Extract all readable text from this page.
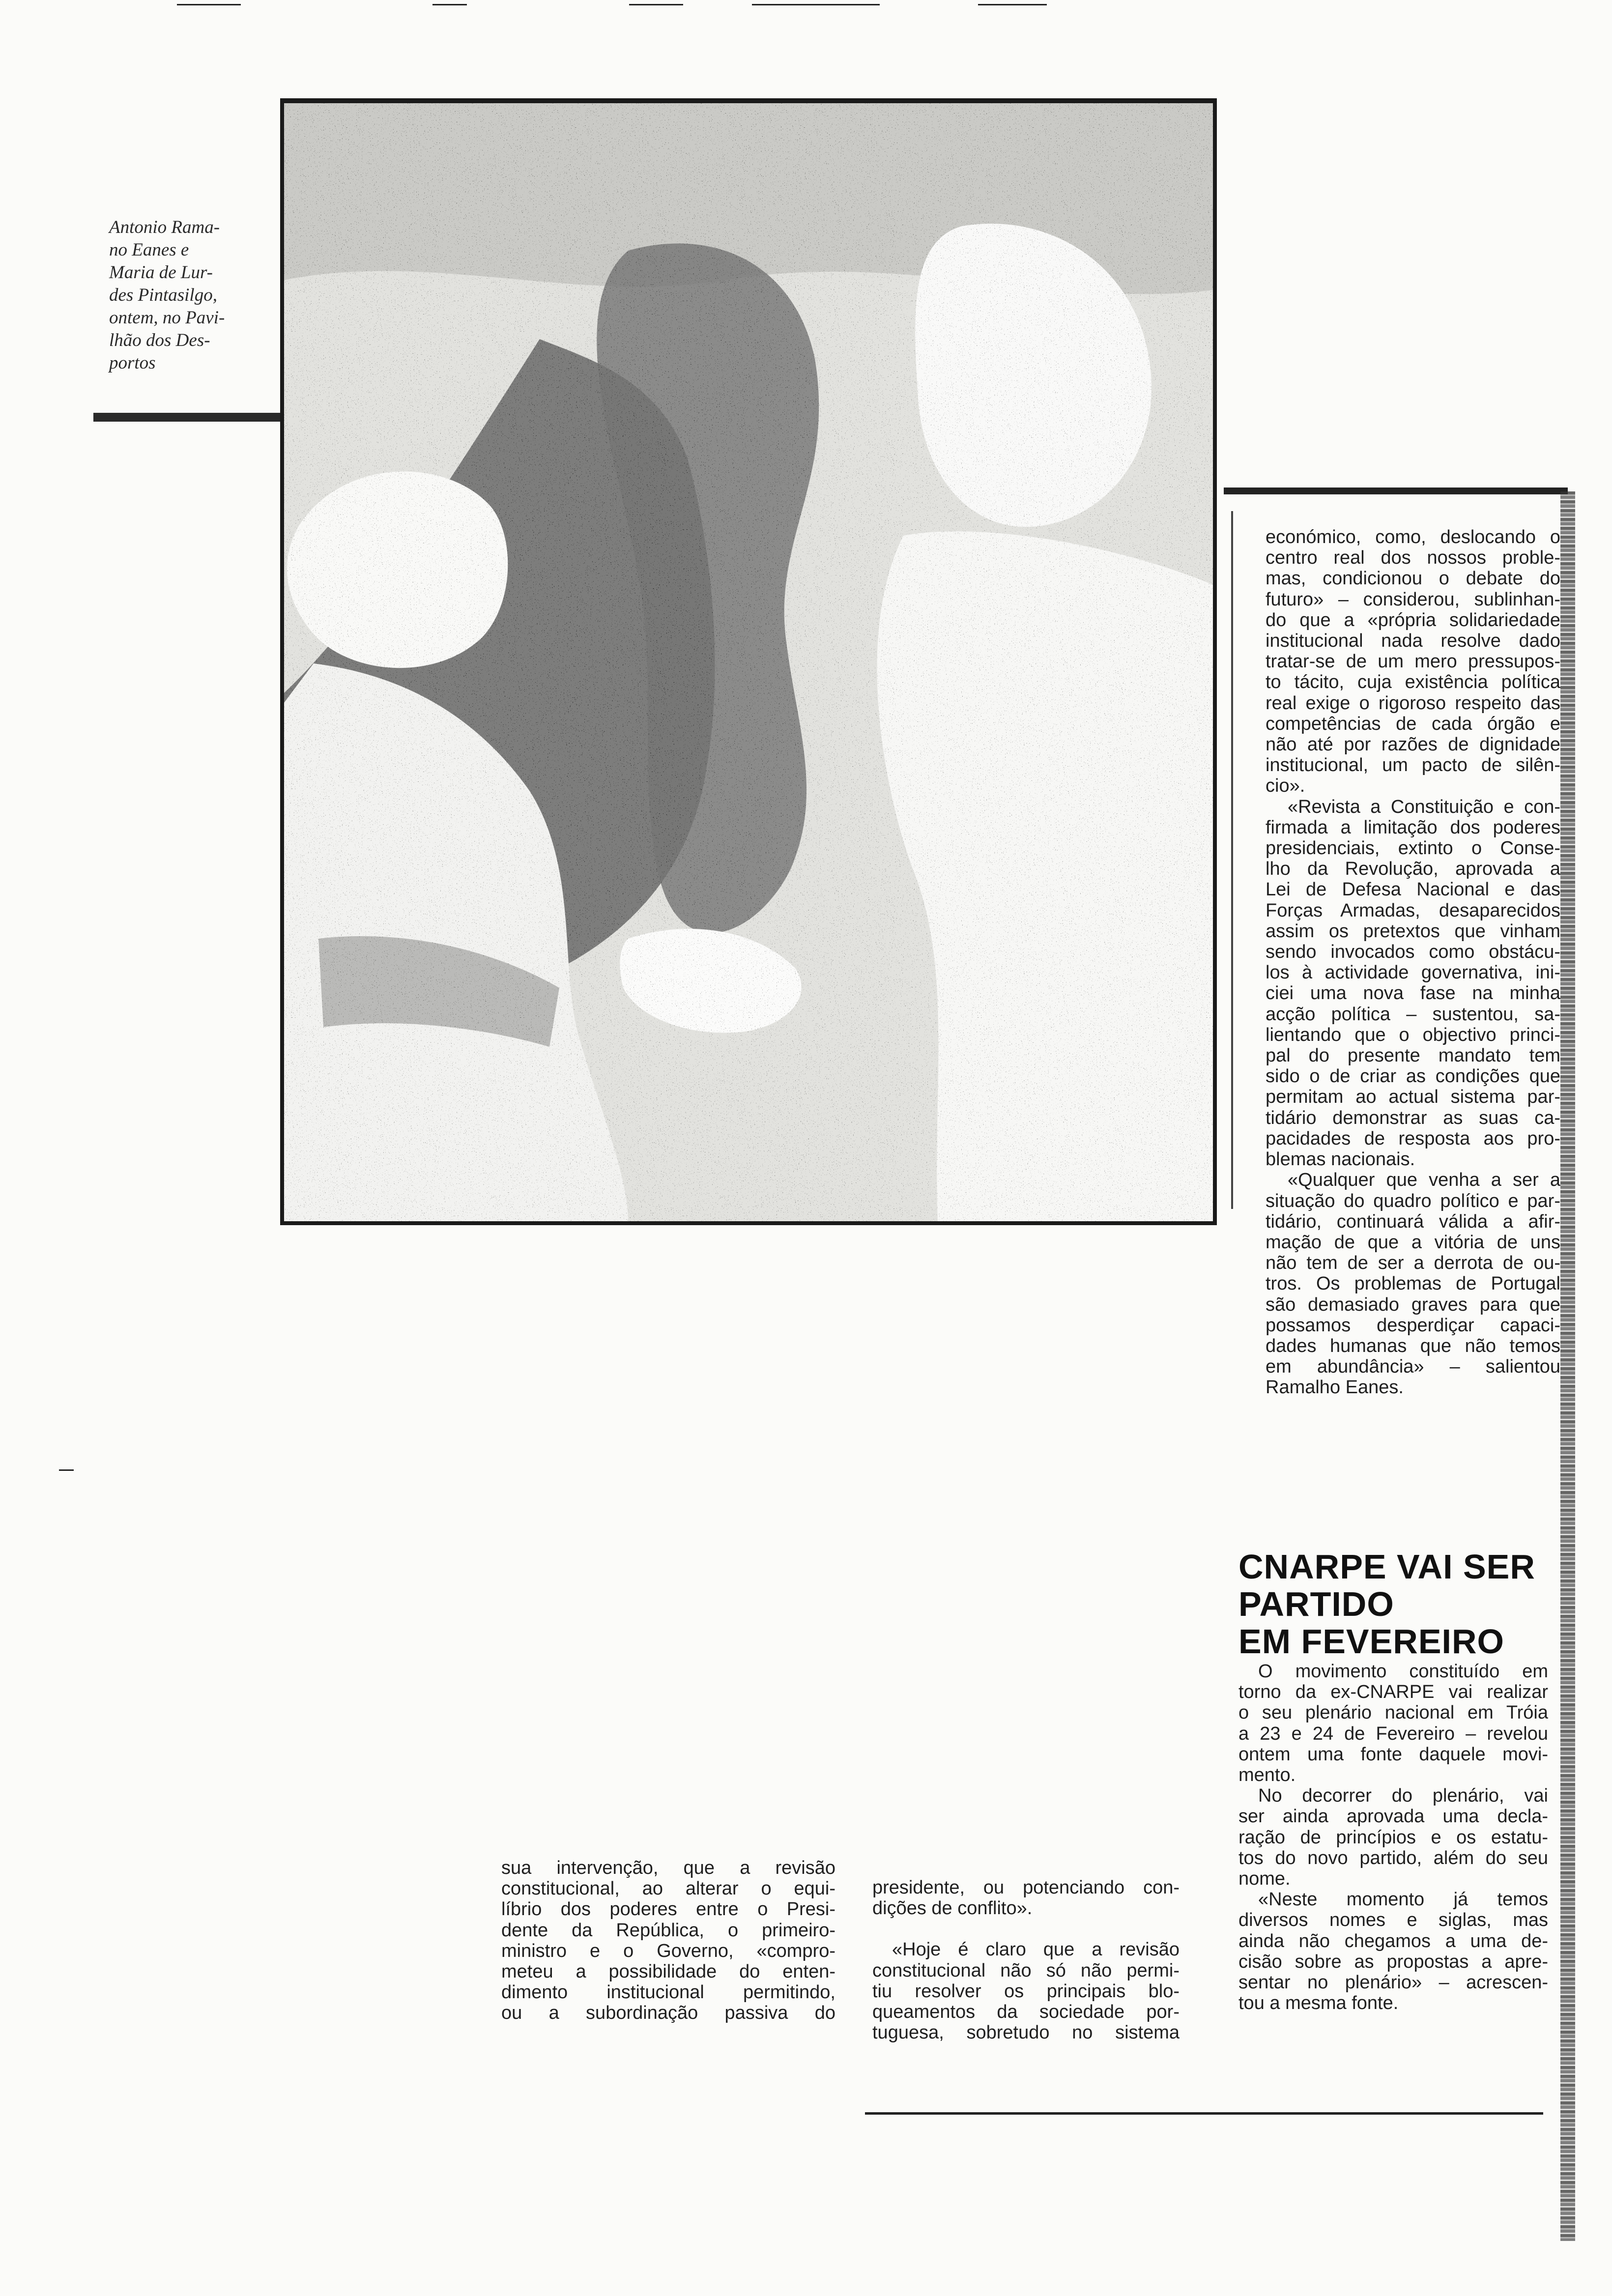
Antonio Rama-
no Eanes e
Maria de Lur-
des Pintasilgo,
ontem, no Pavi-
lhão dos Des-
portos
económico, como, deslocando o
centro real dos nossos proble-
mas, condicionou o debate do
futuro» – considerou, sublinhan-
do que a «própria solidariedade
institucional nada resolve dado
tratar-se de um mero pressupos-
to tácito, cuja existência política
real exige o rigoroso respeito das
competências de cada órgão e
não até por razões de dignidade
institucional, um pacto de silên-
cio».
«Revista a Constituição e con-
firmada a limitação dos poderes
presidenciais, extinto o Conse-
lho da Revolução, aprovada a
Lei de Defesa Nacional e das
Forças Armadas, desaparecidos
assim os pretextos que vinham
sendo invocados como obstácu-
los à actividade governativa, ini-
ciei uma nova fase na minha
acção política – sustentou, sa-
lientando que o objectivo princi-
pal do presente mandato tem
sido o de criar as condições que
permitam ao actual sistema par-
tidário demonstrar as suas ca-
pacidades de resposta aos pro-
blemas nacionais.
«Qualquer que venha a ser a
situação do quadro político e par-
tidário, continuará válida a afir-
mação de que a vitória de uns
não tem de ser a derrota de ou-
tros. Os problemas de Portugal
são demasiado graves para que
possamos desperdiçar capaci-
dades humanas que não temos
em abundância» – salientou
Ramalho Eanes.
CNARPE VAI SER
PARTIDO
EM FEVEREIRO
O movimento constituído em
torno da ex-CNARPE vai realizar
o seu plenário nacional em Tróia
a 23 e 24 de Fevereiro – revelou
ontem uma fonte daquele movi-
mento.
No decorrer do plenário, vai
ser ainda aprovada uma decla-
ração de princípios e os estatu-
tos do novo partido, além do seu
nome.
«Neste momento já temos
diversos nomes e siglas, mas
ainda não chegamos a uma de-
cisão sobre as propostas a apre-
sentar no plenário» – acrescen-
tou a mesma fonte.
sua intervenção, que a revisão
constitucional, ao alterar o equi-
líbrio dos poderes entre o Presi-
dente da República, o primeiro-
ministro e o Governo, «compro-
meteu a possibilidade do enten-
dimento institucional permitindo,
ou a subordinação passiva do
presidente, ou potenciando con-
dições de conflito».
«Hoje é claro que a revisão
constitucional não só não permi-
tiu resolver os principais blo-
queamentos da sociedade por-
tuguesa, sobretudo no sistema
